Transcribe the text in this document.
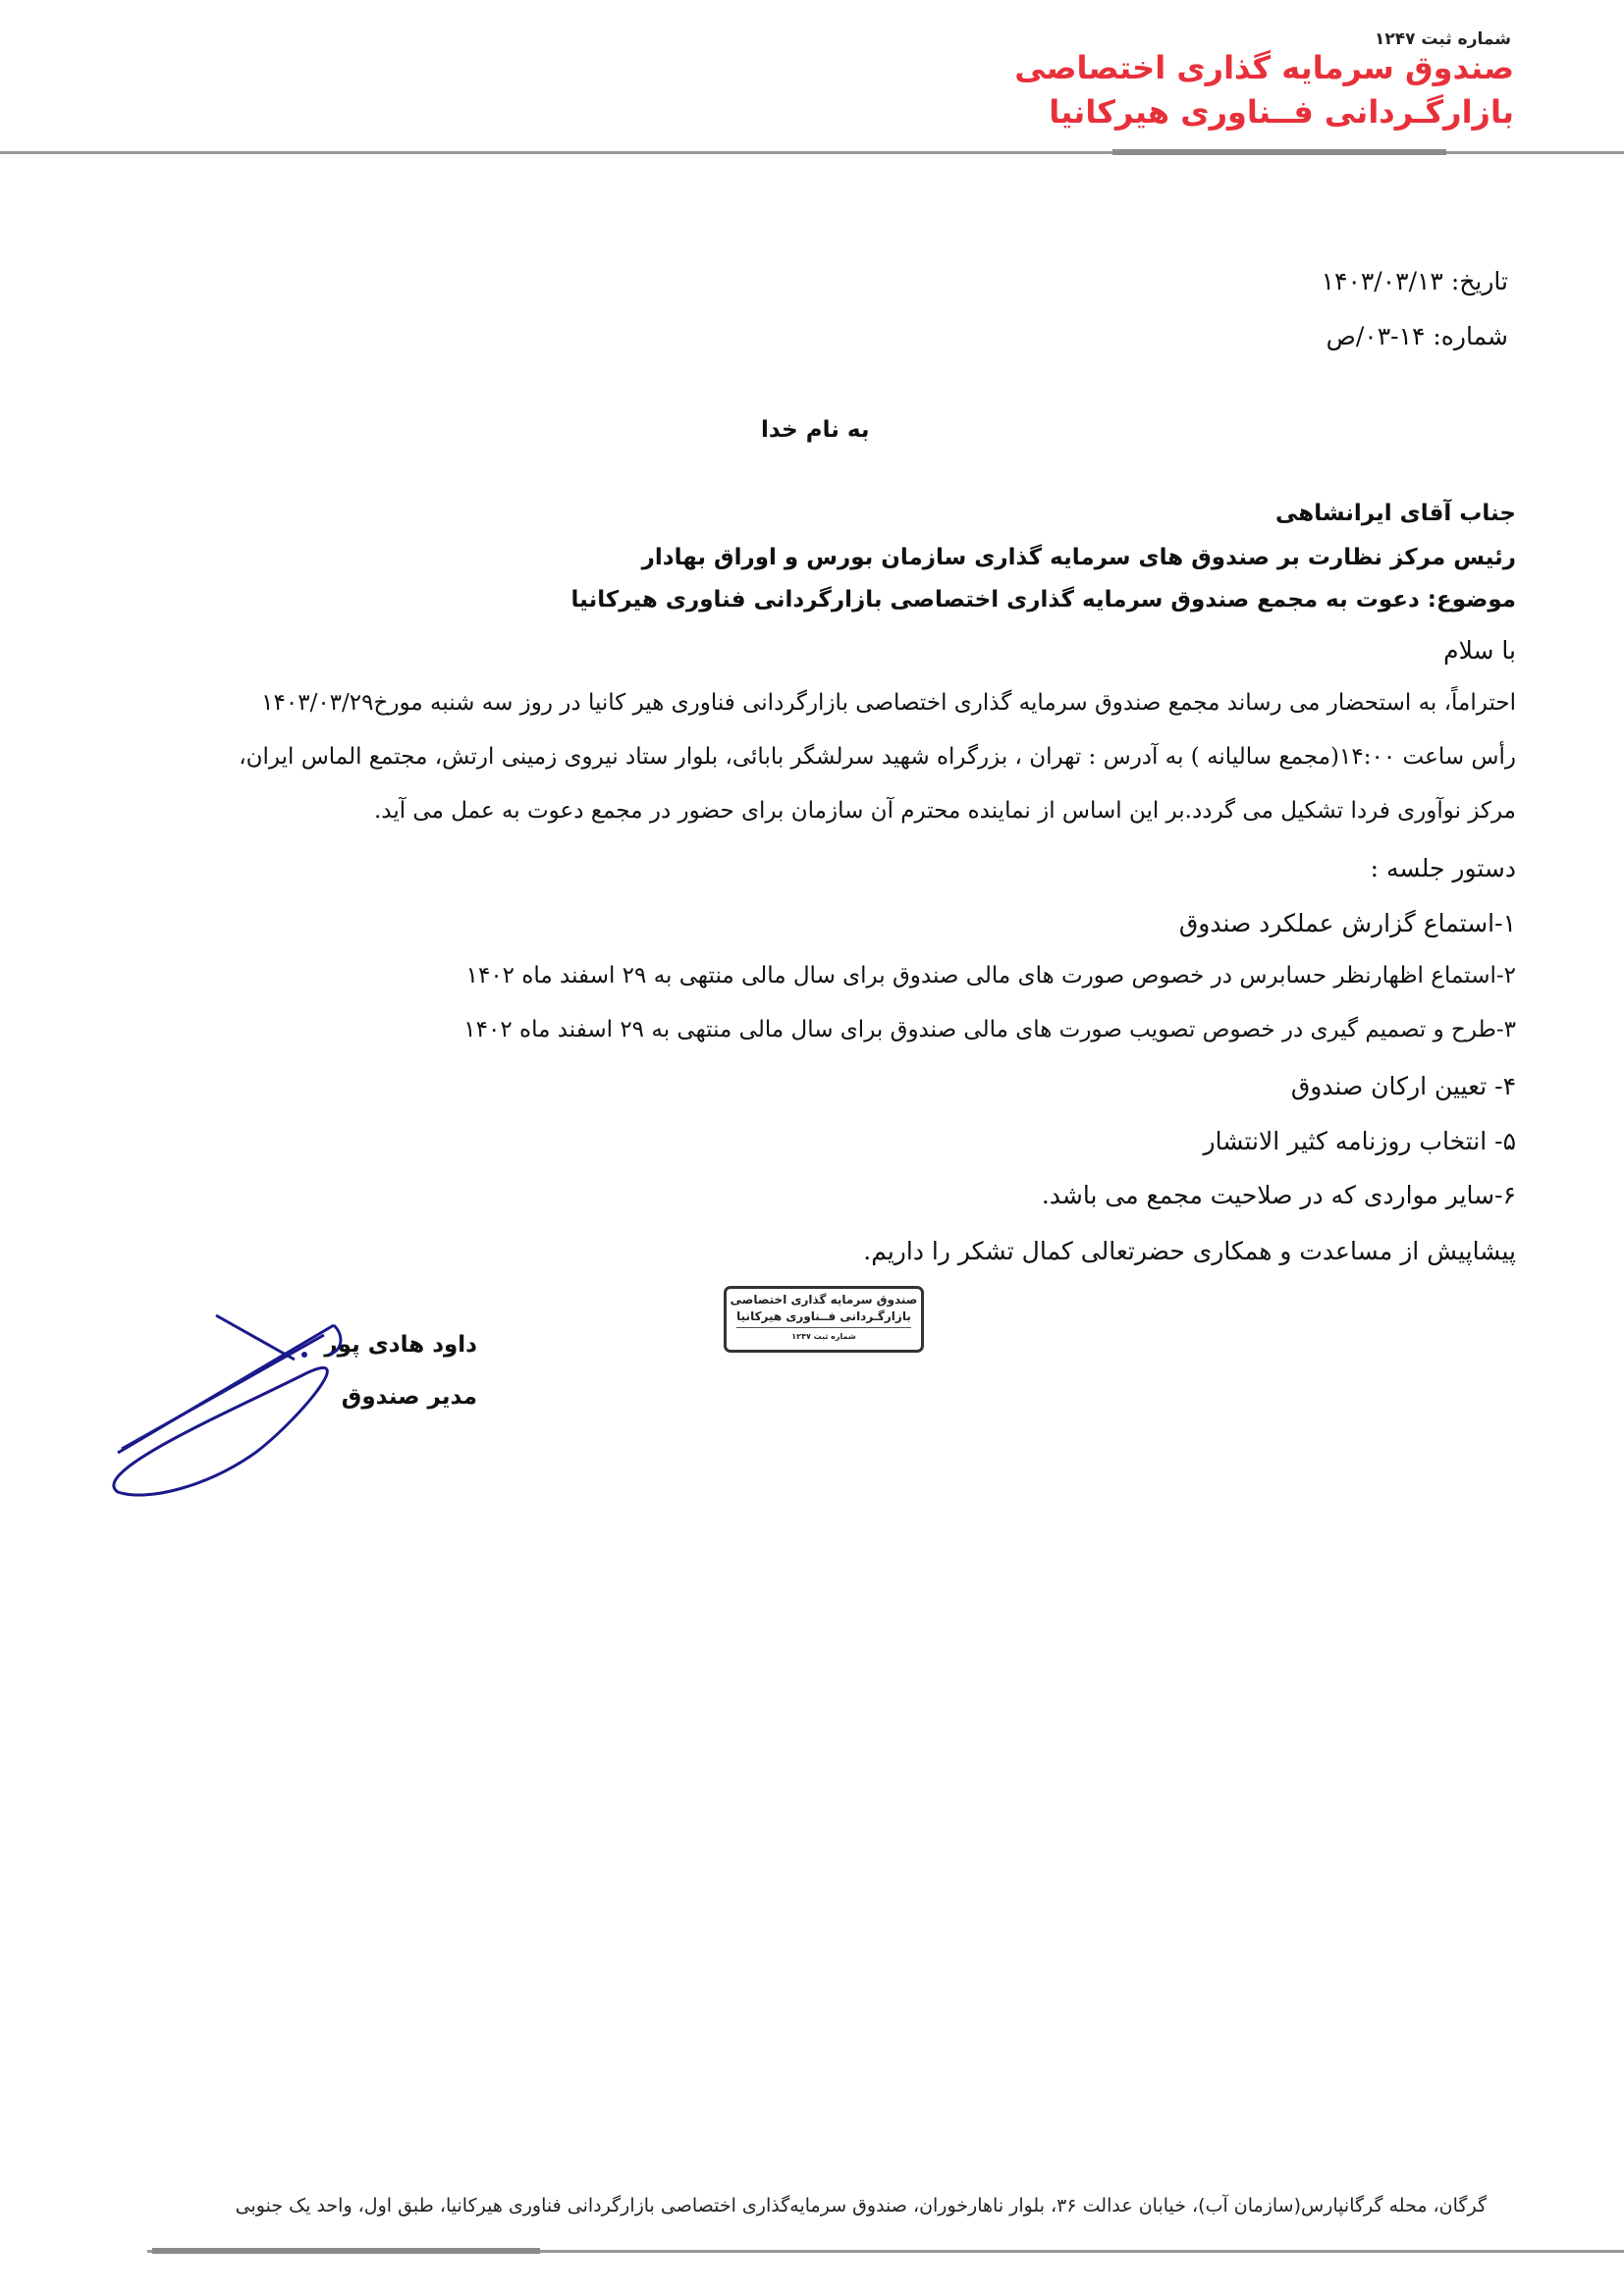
شماره ثبت ۱۲۴۷
صندوق سرمایه گذاری اختصاصی
بازارگـردانی فــناوری هیرکانیا
تاریخ: ۱۴۰۳/۰۳/۱۳
شماره: ۱۴-۰۳/ص
به نام خدا
جناب آقای ایرانشاهی
رئیس مرکز نظارت بر صندوق های سرمایه گذاری سازمان بورس و اوراق بهادار
موضوع: دعوت به مجمع صندوق سرمایه گذاری اختصاصی بازارگردانی فناوری هیرکانیا
با سلام
احتراماً، به استحضار می رساند مجمع صندوق سرمایه گذاری اختصاصی بازارگردانی فناوری هیر کانیا در روز سه شنبه مورخ۱۴۰۳/۰۳/۲۹
رأس ساعت ۱۴:۰۰(مجمع سالیانه ) به آدرس : تهران ، بزرگراه شهید سرلشگر بابائی، بلوار ستاد نیروی زمینی ارتش، مجتمع الماس ایران،
مرکز نوآوری فردا تشکیل می گردد.بر این اساس از نماینده محترم آن سازمان برای حضور در مجمع دعوت به عمل می آید.
دستور جلسه :
۱-استماع گزارش عملکرد صندوق
۲-استماع اظهارنظر حسابرس در خصوص صورت های مالی صندوق برای سال مالی منتهی به ۲۹ اسفند ماه ۱۴۰۲
۳-طرح و تصمیم گیری در خصوص تصویب صورت های مالی صندوق برای سال مالی منتهی به ۲۹ اسفند ماه ۱۴۰۲
۴- تعیین ارکان صندوق
۵- انتخاب روزنامه کثیر الانتشار
۶-سایر مواردی که در صلاحیت مجمع می باشد.
پیشاپیش از مساعدت و همکاری حضرتعالی کمال تشکر را داریم.
صندوق سرمایه گذاری اختصاصی
بازارگـردانی فــناوری هیرکانیا
شماره ثبت ۱۲۴۷
داود هادی پور
مدیر صندوق
گرگان، محله گرگانپارس(سازمان آب)، خیابان عدالت ۳۶، بلوار ناهارخوران، صندوق سرمایه‌گذاری اختصاصی بازارگردانی فناوری هیرکانیا، طبق اول، واحد یک جنوبی
